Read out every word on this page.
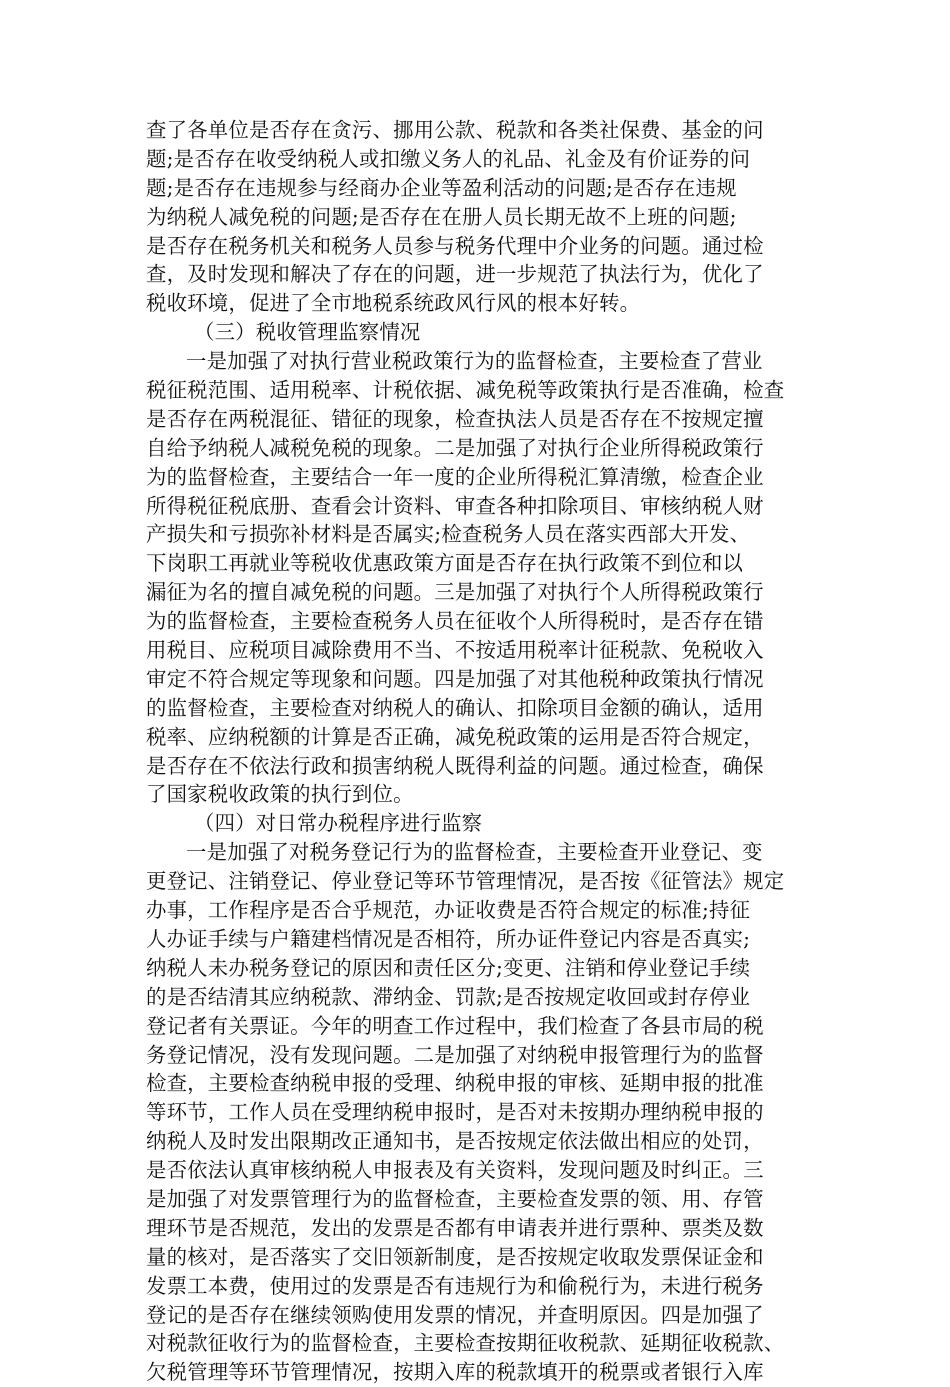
查了各单位是否存在贪污、挪用公款、税款和各类社保费、基金的问
题;是否存在收受纳税人或扣缴义务人的礼品、礼金及有价证券的问
题;是否存在违规参与经商办企业等盈利活动的问题;是否存在违规
为纳税人减免税的问题;是否存在在册人员长期无故不上班的问题;
是否存在税务机关和税务人员参与税务代理中介业务的问题。通过检
查，及时发现和解决了存在的问题，进一步规范了执法行为，优化了
税收环境，促进了全市地税系统政风行风的根本好转。
（三）税收管理监察情况
一是加强了对执行营业税政策行为的监督检查，主要检查了营业
税征税范围、适用税率、计税依据、减免税等政策执行是否准确，检查
是否存在两税混征、错征的现象，检查执法人员是否存在不按规定擅
自给予纳税人减税免税的现象。二是加强了对执行企业所得税政策行
为的监督检查，主要结合一年一度的企业所得税汇算清缴，检查企业
所得税征税底册、查看会计资料、审查各种扣除项目、审核纳税人财
产损失和亏损弥补材料是否属实;检查税务人员在落实西部大开发、
下岗职工再就业等税收优惠政策方面是否存在执行政策不到位和以
漏征为名的擅自减免税的问题。三是加强了对执行个人所得税政策行
为的监督检查，主要检查税务人员在征收个人所得税时，是否存在错
用税目、应税项目减除费用不当、不按适用税率计征税款、免税收入
审定不符合规定等现象和问题。四是加强了对其他税种政策执行情况
的监督检查，主要检查对纳税人的确认、扣除项目金额的确认，适用
税率、应纳税额的计算是否正确，减免税政策的运用是否符合规定，
是否存在不依法行政和损害纳税人既得利益的问题。通过检查，确保
了国家税收政策的执行到位。
（四）对日常办税程序进行监察
一是加强了对税务登记行为的监督检查，主要检查开业登记、变
更登记、注销登记、停业登记等环节管理情况，是否按《征管法》规定
办事，工作程序是否合乎规范，办证收费是否符合规定的标准;持征
人办证手续与户籍建档情况是否相符，所办证件登记内容是否真实;
纳税人未办税务登记的原因和责任区分;变更、注销和停业登记手续
的是否结清其应纳税款、滞纳金、罚款;是否按规定收回或封存停业
登记者有关票证。今年的明查工作过程中，我们检查了各县市局的税
务登记情况，没有发现问题。二是加强了对纳税申报管理行为的监督
检查，主要检查纳税申报的受理、纳税申报的审核、延期申报的批准
等环节，工作人员在受理纳税申报时，是否对未按期办理纳税申报的
纳税人及时发出限期改正通知书，是否按规定依法做出相应的处罚，
是否依法认真审核纳税人申报表及有关资料，发现问题及时纠正。三
是加强了对发票管理行为的监督检查，主要检查发票的领、用、存管
理环节是否规范，发出的发票是否都有申请表并进行票种、票类及数
量的核对，是否落实了交旧领新制度，是否按规定收取发票保证金和
发票工本费，使用过的发票是否有违规行为和偷税行为，未进行税务
登记的是否存在继续领购使用发票的情况，并查明原因。四是加强了
对税款征收行为的监督检查，主要检查按期征收税款、延期征收税款、
欠税管理等环节管理情况，按期入库的税款填开的税票或者银行入库
